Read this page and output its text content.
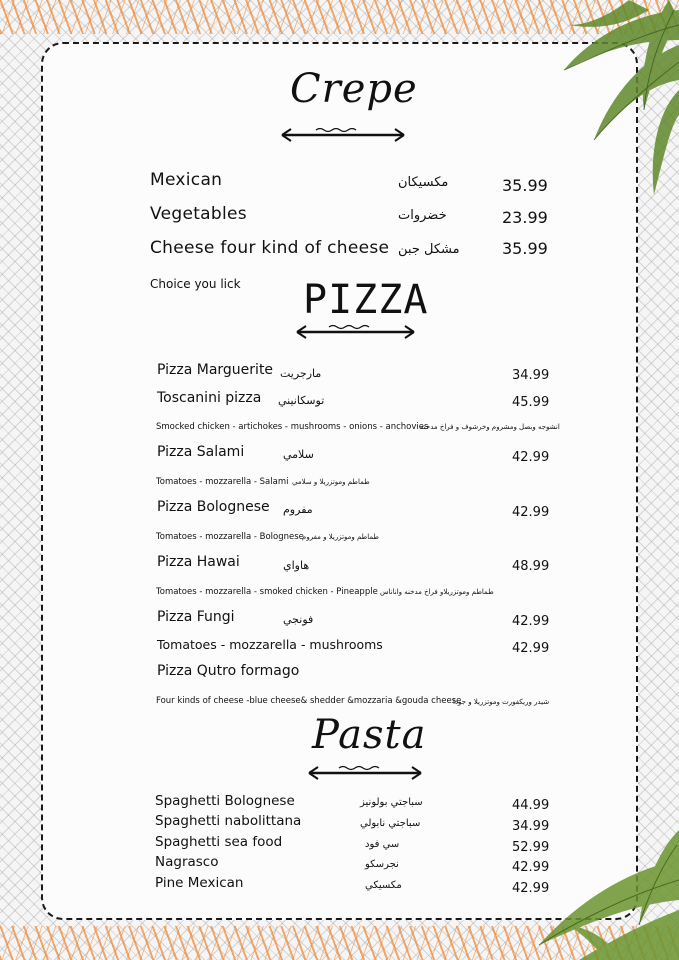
Crepe
Mexican	مكسيكان	35.99
Vegetables	خضروات	23.99
Cheese four kind of cheese مشكل جبن	35.99
Choice you lick PIZZA
Pizza Marguerite مارجريت	34.99
Toscanini pizza توسكانيني	45.99
Smocked chicken - artichokes - mushrooms - onions - anchovies
انشوجه وبصل ومشروم وخرشوف و فراخ مدخنه
Pizza Salami	سلامي	42.99
Tomatoes - mozzarella - Salami طماطم وموتزريلا و سلامي
Pizza Bolognese مفروم	42.99
Tomatoes - mozzarella - Bolognese
طماطم وموتزريلا و مفروم
Pizza Hawai	هاواي	48.99
Tomatoes - mozzarella - smoked chicken - Pineapple طماطم وموتزريلاو فراخ مدخنه واناناس
Pizza Fungi	فونجي	42.99
Tomatoes - mozzarella - mushrooms	42.99
Pizza Qutro formago
Four kinds of cheese -blue cheese& shedder &mozzaria &gouda cheese
شيدر وريكفورت وموتزريلا و جودا
Pasta
Spaghetti Bolognese	سباجتي بولونيز	44.99
Spaghetti nabolittana	سباجتي نابولي	34.99
Spaghetti sea food	سي فود	52.99
Nagrasco	نجرسكو	42.99
Pine Mexican	مكسيكي	42.99
